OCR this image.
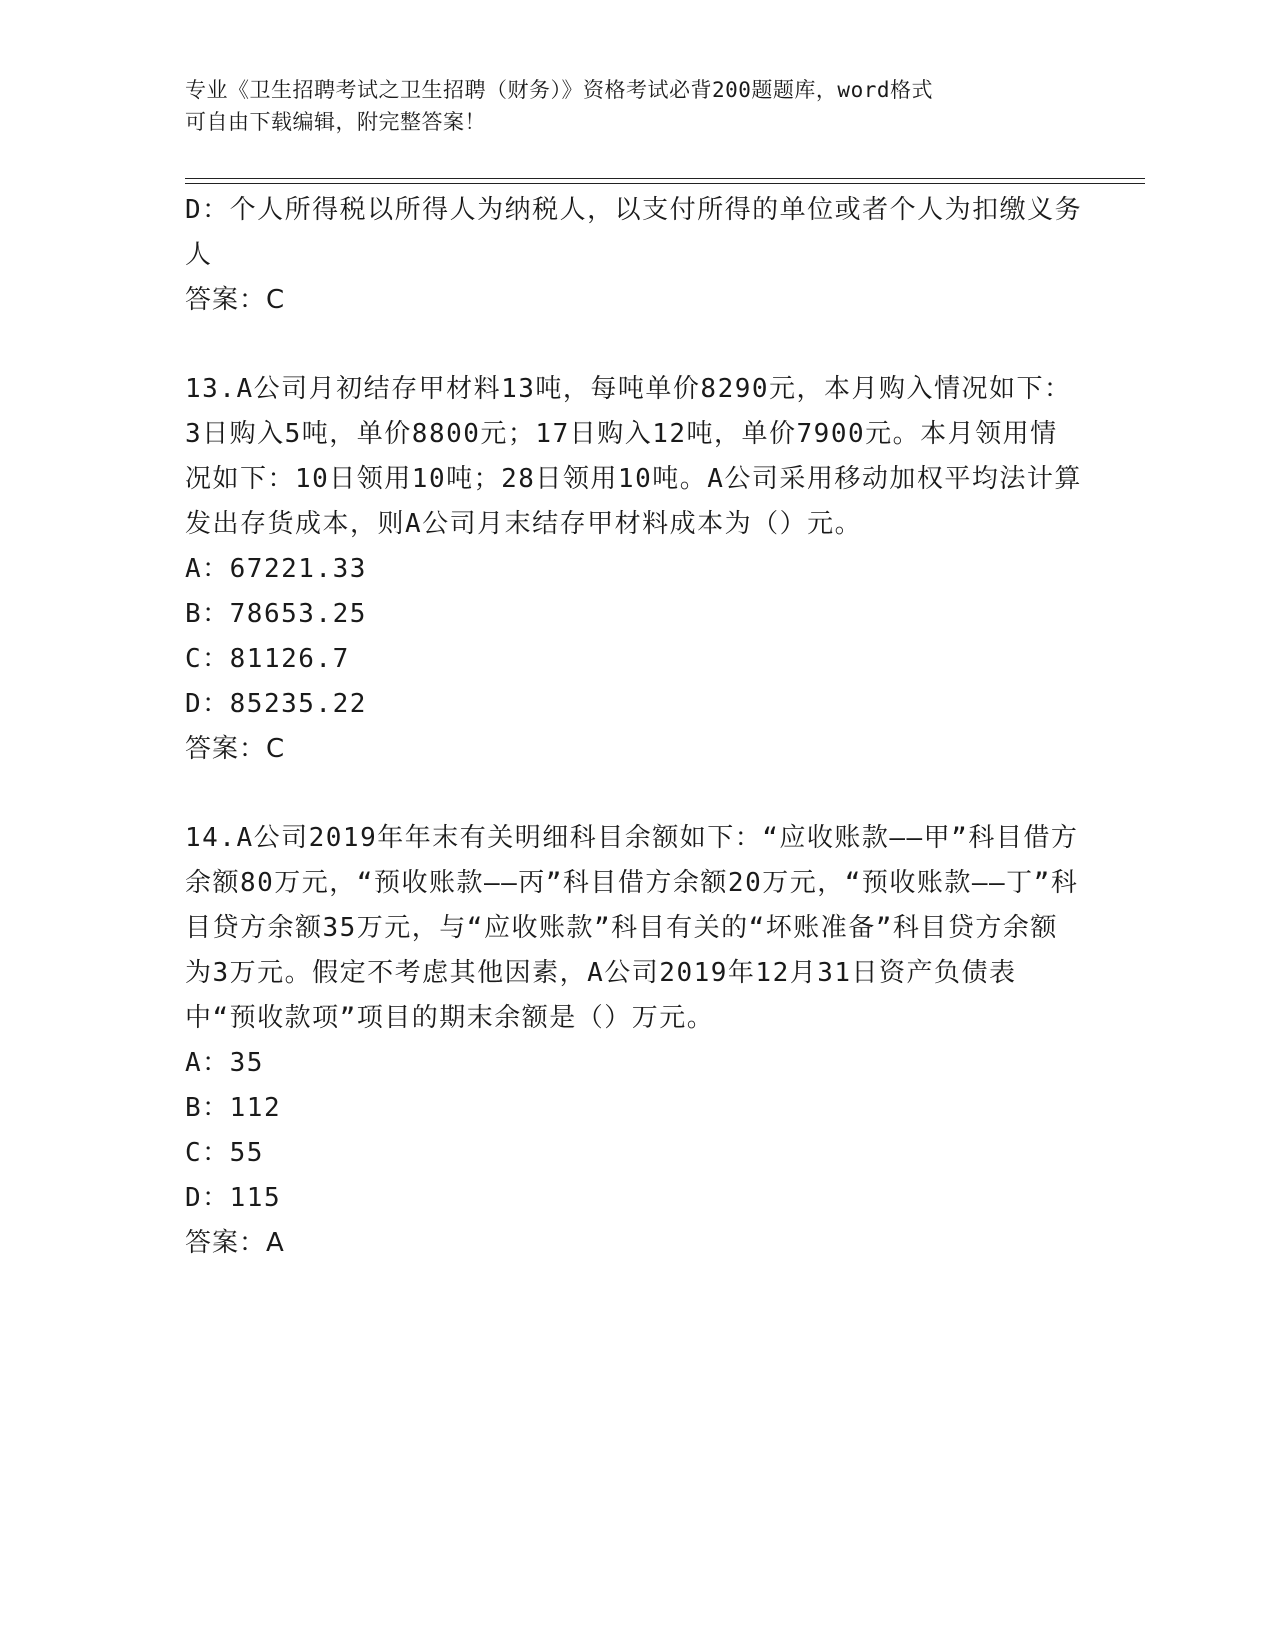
专业《卫生招聘考试之卫生招聘（财务）》资格考试必背200题题库，word格式
可自由下载编辑，附完整答案！

D：个人所得税以所得人为纳税人，以支付所得的单位或者个人为扣缴义务人

答案：C

13.A公司月初结存甲材料13吨，每吨单价8290元，本月购入情况如下：3日购入5吨，单价8800元；17日购入12吨，单价7900元。本月领用情况如下：10日领用10吨；28日领用10吨。A公司采用移动加权平均法计算发出存货成本，则A公司月末结存甲材料成本为（）元。

A：67221.33

B：78653.25

C：81126.7

D：85235.22

答案：C

14.A公司2019年年末有关明细科目余额如下：“应收账款——甲”科目借方余额80万元，“预收账款——丙”科目借方余额20万元，“预收账款——丁”科目贷方余额35万元，与“应收账款”科目有关的“坏账准备”科目贷方余额为3万元。假定不考虑其他因素，A公司2019年12月31日资产负债表中“预收款项”项目的期末余额是（）万元。

A：35

B：112

C：55

D：115

答案：A
